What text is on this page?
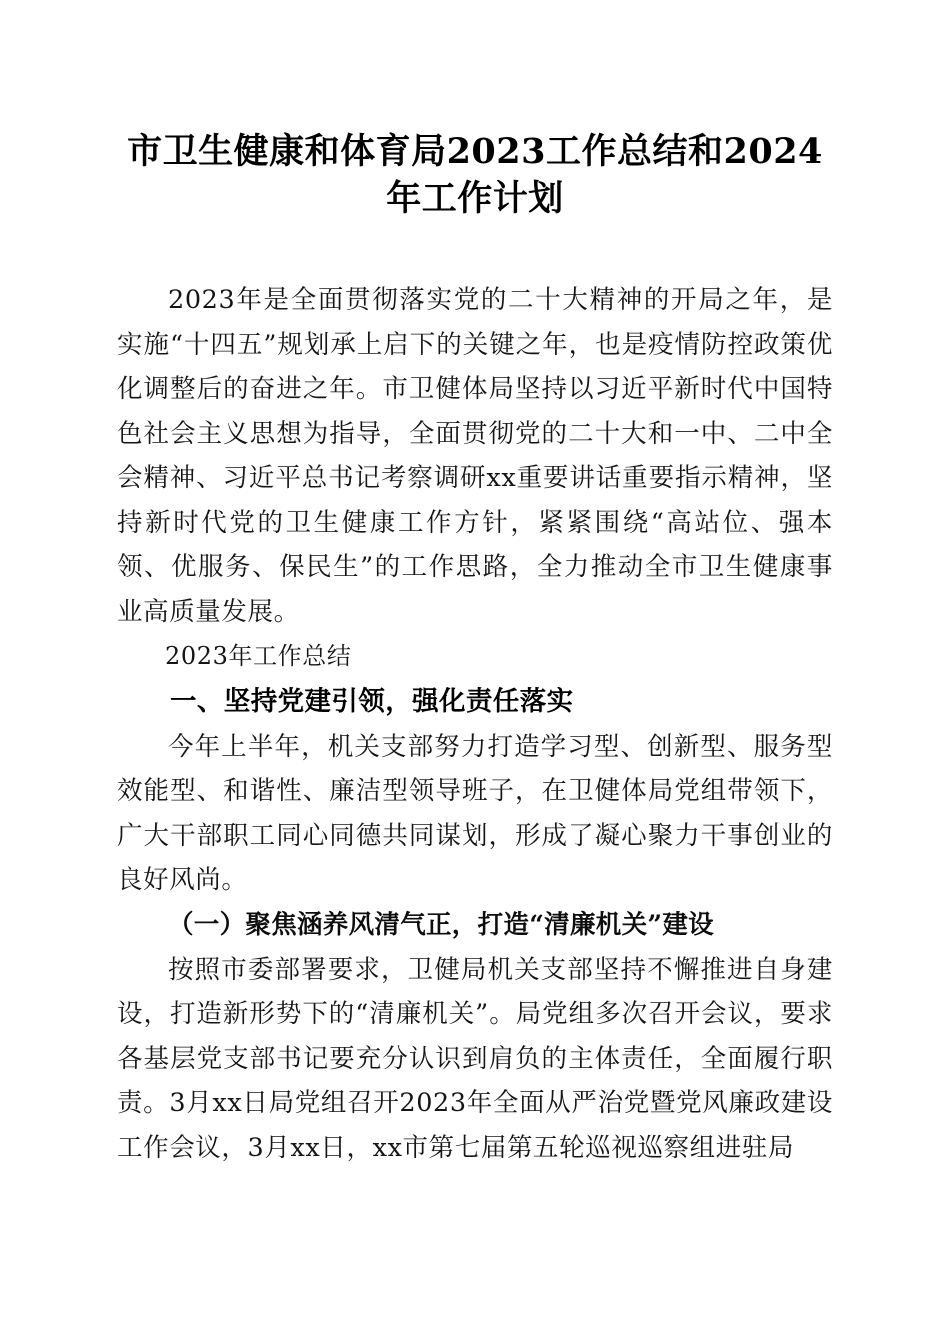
市卫生健康和体育局2023工作总结和2024年工作计划

2023年是全面贯彻落实党的二十大精神的开局之年，是实施“十四五”规划承上启下的关键之年，也是疫情防控政策优化调整后的奋进之年。市卫健体局坚持以习近平新时代中国特色社会主义思想为指导，全面贯彻党的二十大和一中、二中全会精神、习近平总书记考察调研xx重要讲话重要指示精神，坚持新时代党的卫生健康工作方针，紧紧围绕“高站位、强本领、优服务、保民生”的工作思路，全力推动全市卫生健康事业高质量发展。

2023年工作总结

一、坚持党建引领，强化责任落实

今年上半年，机关支部努力打造学习型、创新型、服务型效能型、和谐性、廉洁型领导班子，在卫健体局党组带领下，广大干部职工同心同德共同谋划，形成了凝心聚力干事创业的良好风尚。

（一）聚焦涵养风清气正，打造“清廉机关”建设

按照市委部署要求，卫健局机关支部坚持不懈推进自身建设，打造新形势下的“清廉机关”。局党组多次召开会议，要求各基层党支部书记要充分认识到肩负的主体责任，全面履行职责。3月xx日局党组召开2023年全面从严治党暨党风廉政建设工作会议，3月xx日，xx市第七届第五轮巡视巡察组进驻局
